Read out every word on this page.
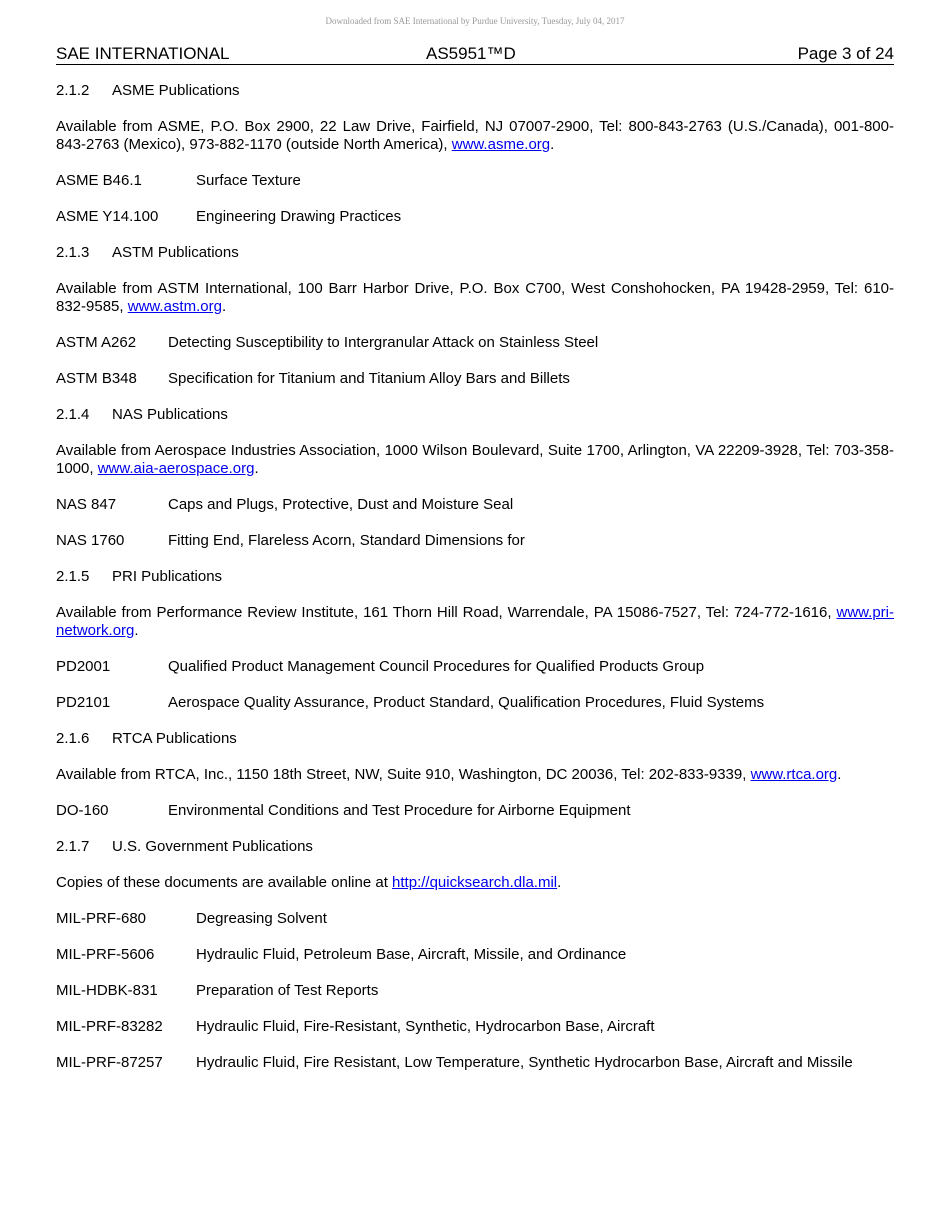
Downloaded from SAE International by Purdue University, Tuesday, July 04, 2017
SAE INTERNATIONAL	AS5951™D	Page 3 of 24
2.1.2 ASME Publications
Available from ASME, P.O. Box 2900, 22 Law Drive, Fairfield, NJ 07007-2900, Tel: 800-843-2763 (U.S./Canada), 001-800-843-2763 (Mexico), 973-882-1170 (outside North America), www.asme.org.
ASME B46.1	Surface Texture
ASME Y14.100	Engineering Drawing Practices
2.1.3 ASTM Publications
Available from ASTM International, 100 Barr Harbor Drive, P.O. Box C700, West Conshohocken, PA 19428-2959, Tel: 610-832-9585, www.astm.org.
ASTM A262 Detecting Susceptibility to Intergranular Attack on Stainless Steel
ASTM B348 Specification for Titanium and Titanium Alloy Bars and Billets
2.1.4 NAS Publications
Available from Aerospace Industries Association, 1000 Wilson Boulevard, Suite 1700, Arlington, VA 22209-3928, Tel: 703-358-1000, www.aia-aerospace.org.
NAS 847	Caps and Plugs, Protective, Dust and Moisture Seal
NAS 1760	Fitting End, Flareless Acorn, Standard Dimensions for
2.1.5 PRI Publications
Available from Performance Review Institute, 161 Thorn Hill Road, Warrendale, PA 15086-7527, Tel: 724-772-1616, www.pri-network.org.
PD2001	Qualified Product Management Council Procedures for Qualified Products Group
PD2101	Aerospace Quality Assurance, Product Standard, Qualification Procedures, Fluid Systems
2.1.6 RTCA Publications
Available from RTCA, Inc., 1150 18th Street, NW, Suite 910, Washington, DC 20036, Tel: 202-833-9339, www.rtca.org.
DO-160	Environmental Conditions and Test Procedure for Airborne Equipment
2.1.7 U.S. Government Publications
Copies of these documents are available online at http://quicksearch.dla.mil.
MIL-PRF-680	Degreasing Solvent
MIL-PRF-5606	Hydraulic Fluid, Petroleum Base, Aircraft, Missile, and Ordinance
MIL-HDBK-831	Preparation of Test Reports
MIL-PRF-83282 Hydraulic Fluid, Fire-Resistant, Synthetic, Hydrocarbon Base, Aircraft
MIL-PRF-87257 Hydraulic Fluid, Fire Resistant, Low Temperature, Synthetic Hydrocarbon Base, Aircraft and Missile
